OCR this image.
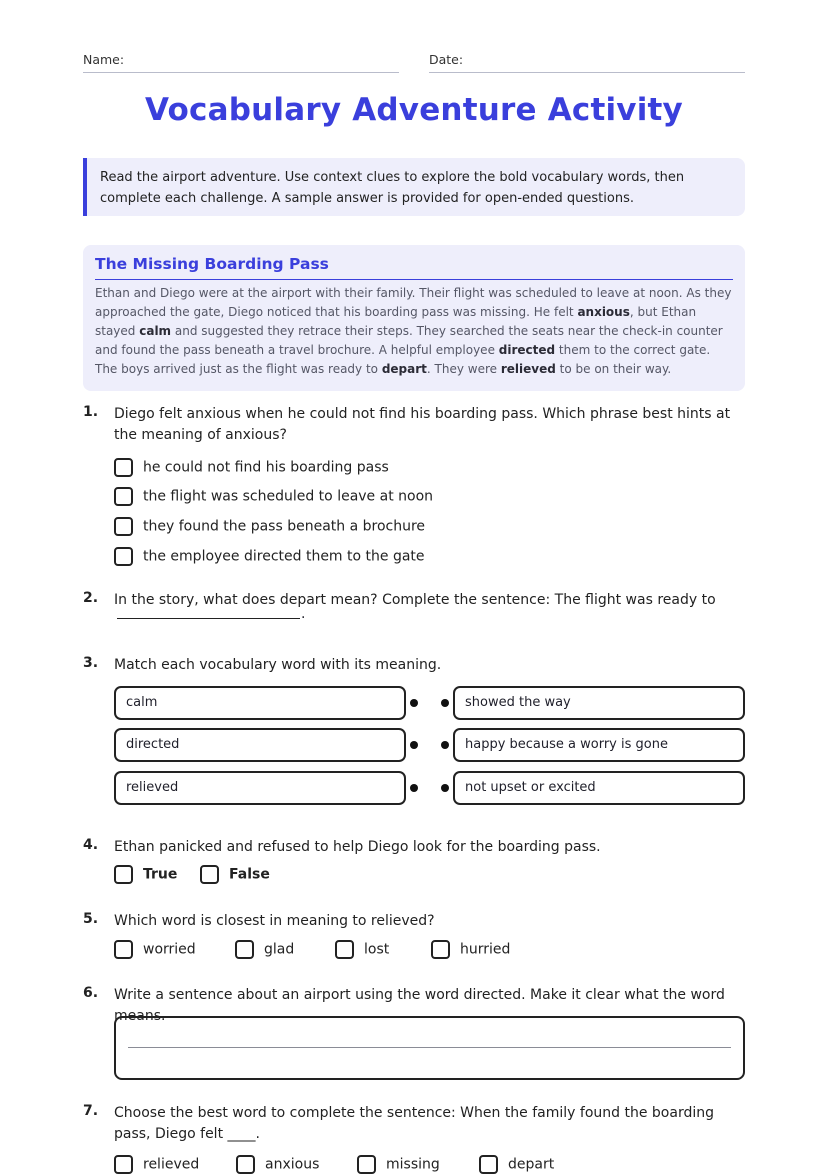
Name:	Date:
Vocabulary Adventure Activity
Read the airport adventure. Use context clues to explore the bold vocabulary words, then complete each challenge. A sample answer is provided for open-ended questions.
The Missing Boarding Pass
Ethan and Diego were at the airport with their family. Their flight was scheduled to leave at noon. As they approached the gate, Diego noticed that his boarding pass was missing. He felt anxious, but Ethan stayed calm and suggested they retrace their steps. They searched the seats near the check-in counter and found the pass beneath a travel brochure. A helpful employee directed them to the correct gate. The boys arrived just as the flight was ready to depart. They were relieved to be on their way.
1. Diego felt anxious when he could not find his boarding pass. Which phrase best hints at the meaning of anxious?
he could not find his boarding pass
the flight was scheduled to leave at noon
they found the pass beneath a brochure
the employee directed them to the gate
2. In the story, what does depart mean? Complete the sentence: The flight was ready to
.
3. Match each vocabulary word with its meaning.
calm	showed the way
directed	happy because a worry is gone
relieved	not upset or excited
4. Ethan panicked and refused to help Diego look for the boarding pass.
True	False
5. Which word is closest in meaning to relieved?
worried	glad	lost	hurried
6. Write a sentence about an airport using the word directed. Make it clear what the word means.
7. Choose the best word to complete the sentence: When the family found the boarding pass, Diego felt ____.
relieved	anxious	missing	depart
